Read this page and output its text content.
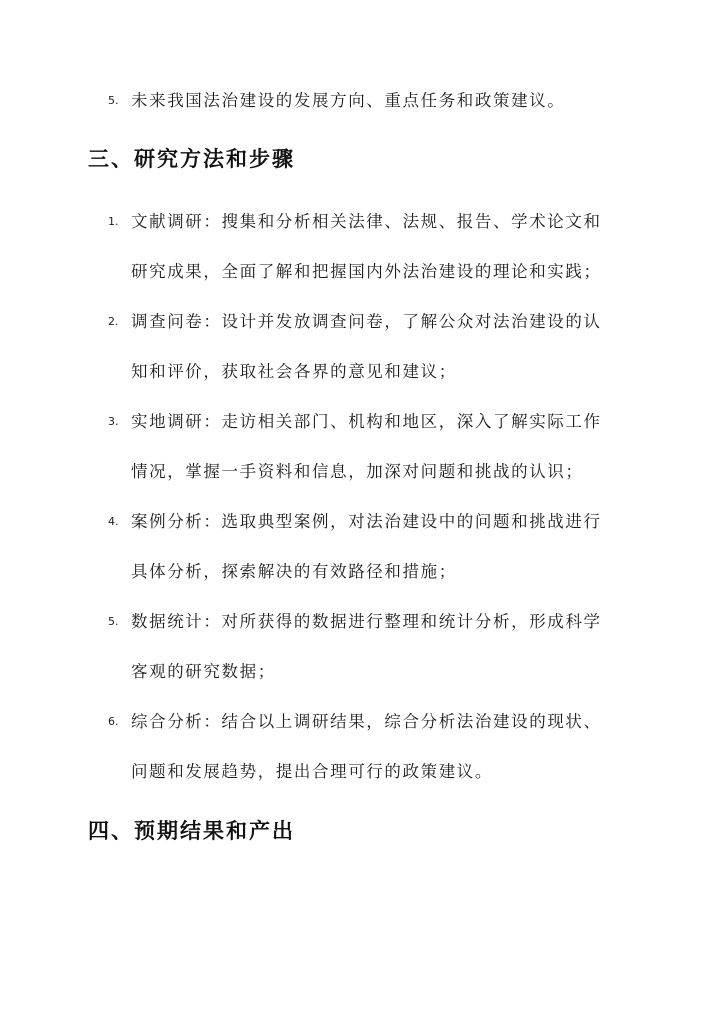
5. 未来我国法治建设的发展方向、重点任务和政策建议。
三、研究方法和步骤
1. 文献调研：搜集和分析相关法律、法规、报告、学术论文和
研究成果，全面了解和把握国内外法治建设的理论和实践；
2. 调查问卷：设计并发放调查问卷，了解公众对法治建设的认
知和评价，获取社会各界的意见和建议；
3. 实地调研：走访相关部门、机构和地区，深入了解实际工作
情况，掌握一手资料和信息，加深对问题和挑战的认识；
4. 案例分析：选取典型案例，对法治建设中的问题和挑战进行
具体分析，探索解决的有效路径和措施；
5. 数据统计：对所获得的数据进行整理和统计分析，形成科学
客观的研究数据；
6. 综合分析：结合以上调研结果，综合分析法治建设的现状、
问题和发展趋势，提出合理可行的政策建议。
四、预期结果和产出
